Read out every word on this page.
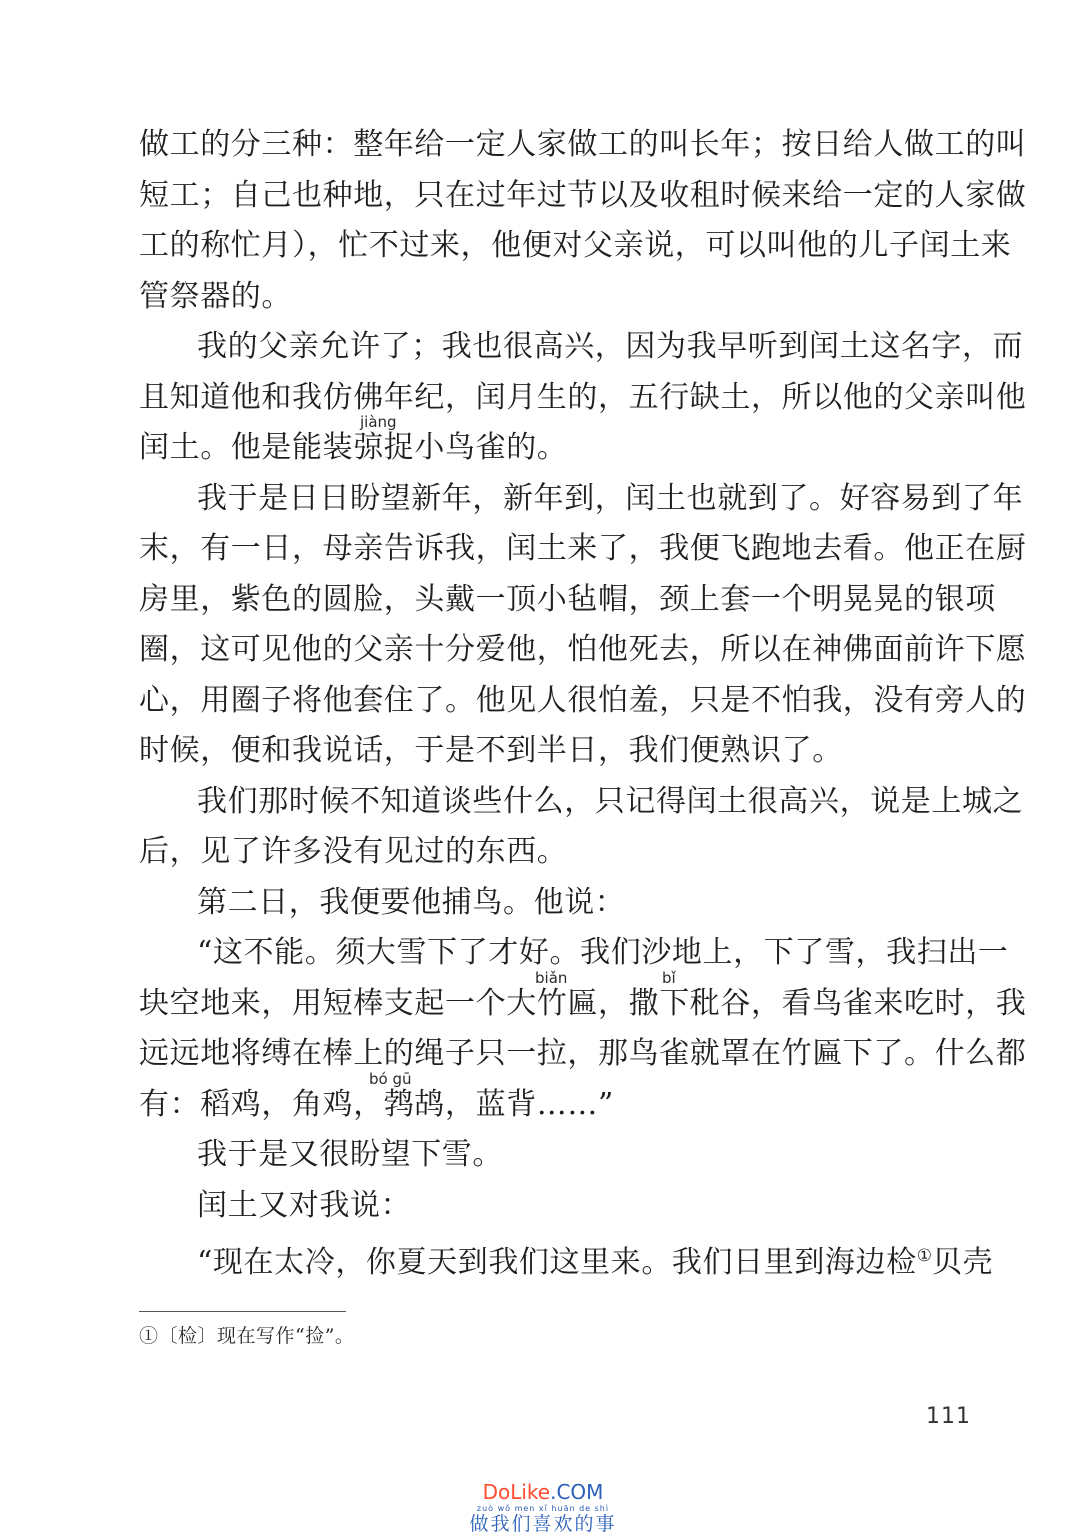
做工的分三种：整年给一定人家做工的叫长年；按日给人做工的叫
短工；自己也种地，只在过年过节以及收租时候来给一定的人家做
工的称忙月），忙不过来，他便对父亲说，可以叫他的儿子闰土来
管祭器的。
我的父亲允许了；我也很高兴，因为我早听到闰土这名字，而
且知道他和我仿佛年纪，闰月生的，五行缺土，所以他的父亲叫他
jiàng
闰土。他是能装弶捉小鸟雀的。
我于是日日盼望新年，新年到，闰土也就到了。好容易到了年
末，有一日，母亲告诉我，闰土来了，我便飞跑地去看。他正在厨
房里，紫色的圆脸，头戴一顶小毡帽，颈上套一个明晃晃的银项
圈，这可见他的父亲十分爱他，怕他死去，所以在神佛面前许下愿
心，用圈子将他套住了。他见人很怕羞，只是不怕我，没有旁人的
时候，便和我说话，于是不到半日，我们便熟识了。
我们那时候不知道谈些什么，只记得闰土很高兴，说是上城之
后，见了许多没有见过的东西。
第二日，我便要他捕鸟。他说：
“这不能。须大雪下了才好。我们沙地上，下了雪，我扫出一
biǎn	bǐ
块空地来，用短棒支起一个大竹匾，撒下秕谷，看鸟雀来吃时，我
远远地将缚在棒上的绳子只一拉，那鸟雀就罩在竹匾下了。什么都
bó gū
有：稻鸡，角鸡，鹁鸪，蓝背……”
我于是又很盼望下雪。
闰土又对我说：
“现在太冷，你夏天到我们这里来。我们日里到海边检①贝壳
①〔检〕现在写作“捡”。
111
DoLike.COM
zuò wǒ men xǐ huān de shì
做我们喜欢的事
